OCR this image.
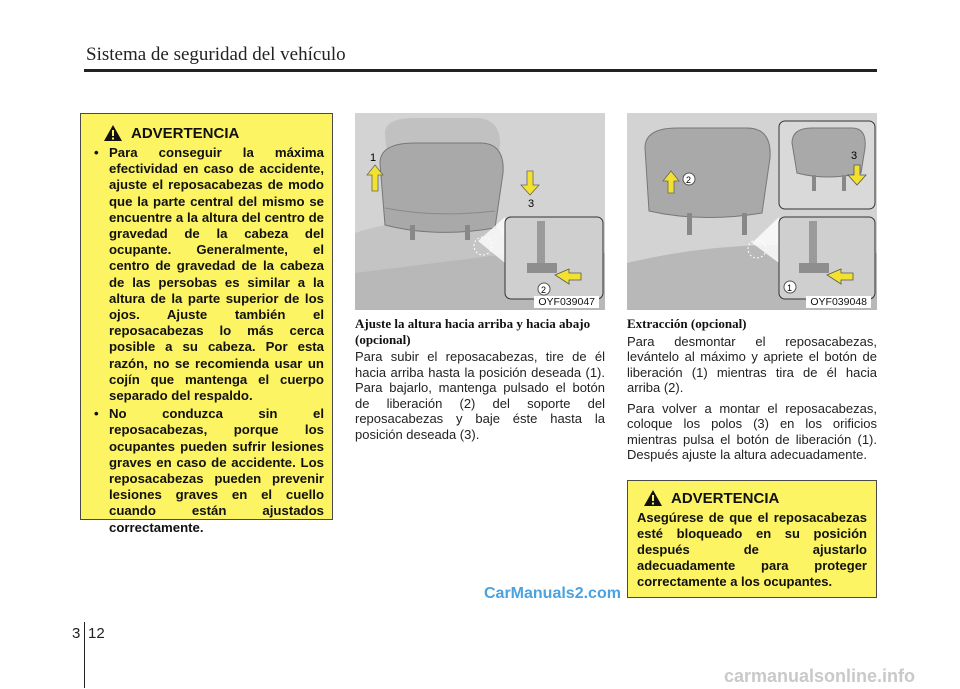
Sistema de seguridad del vehículo
ADVERTENCIA
• Para conseguir la máxima efectividad en caso de accidente, ajuste el reposacabezas de modo que la parte central del mismo se encuentre a la altura del centro de gravedad de la cabeza del ocupante. Generalmente, el centro de gravedad de la cabeza de las persobas es similar a la altura de la parte superior de los ojos. Ajuste también el reposacabezas lo más cerca posible a su cabeza. Por esta razón, no se recomienda usar un cojín que mantenga el cuerpo separado del respaldo.
• No conduzca sin el reposacabezas, porque los ocupantes pueden sufrir lesiones graves en caso de accidente. Los reposacabezas pueden prevenir lesiones graves en el cuello cuando están ajustados correctamente.
1
3
2
OYF039047
2
3
1
OYF039048
Ajuste la altura hacia arriba y hacia abajo (opcional)

Para subir el reposacabezas, tire de él hacia arriba hasta la posición deseada (1). Para bajarlo, mantenga pulsado el botón de liberación (2) del soporte del reposacabezas y baje éste hasta la posición deseada (3).

Extracción (opcional)

Para desmontar el reposacabezas, levántelo al máximo y apriete el botón de liberación (1) mientras tira de él hacia arriba (2).

Para volver a montar el reposacabezas, coloque los polos (3) en los orificios mientras pulsa el botón de liberación (1). Después ajuste la altura adecuadamente.

ADVERTENCIA
Asegúrese de que el reposacabezas esté bloqueado en su posición después de ajustarlo adecuadamente para proteger correctamente a los ocupantes.
CarManuals2.com
carmanualsonline.info
3 12
